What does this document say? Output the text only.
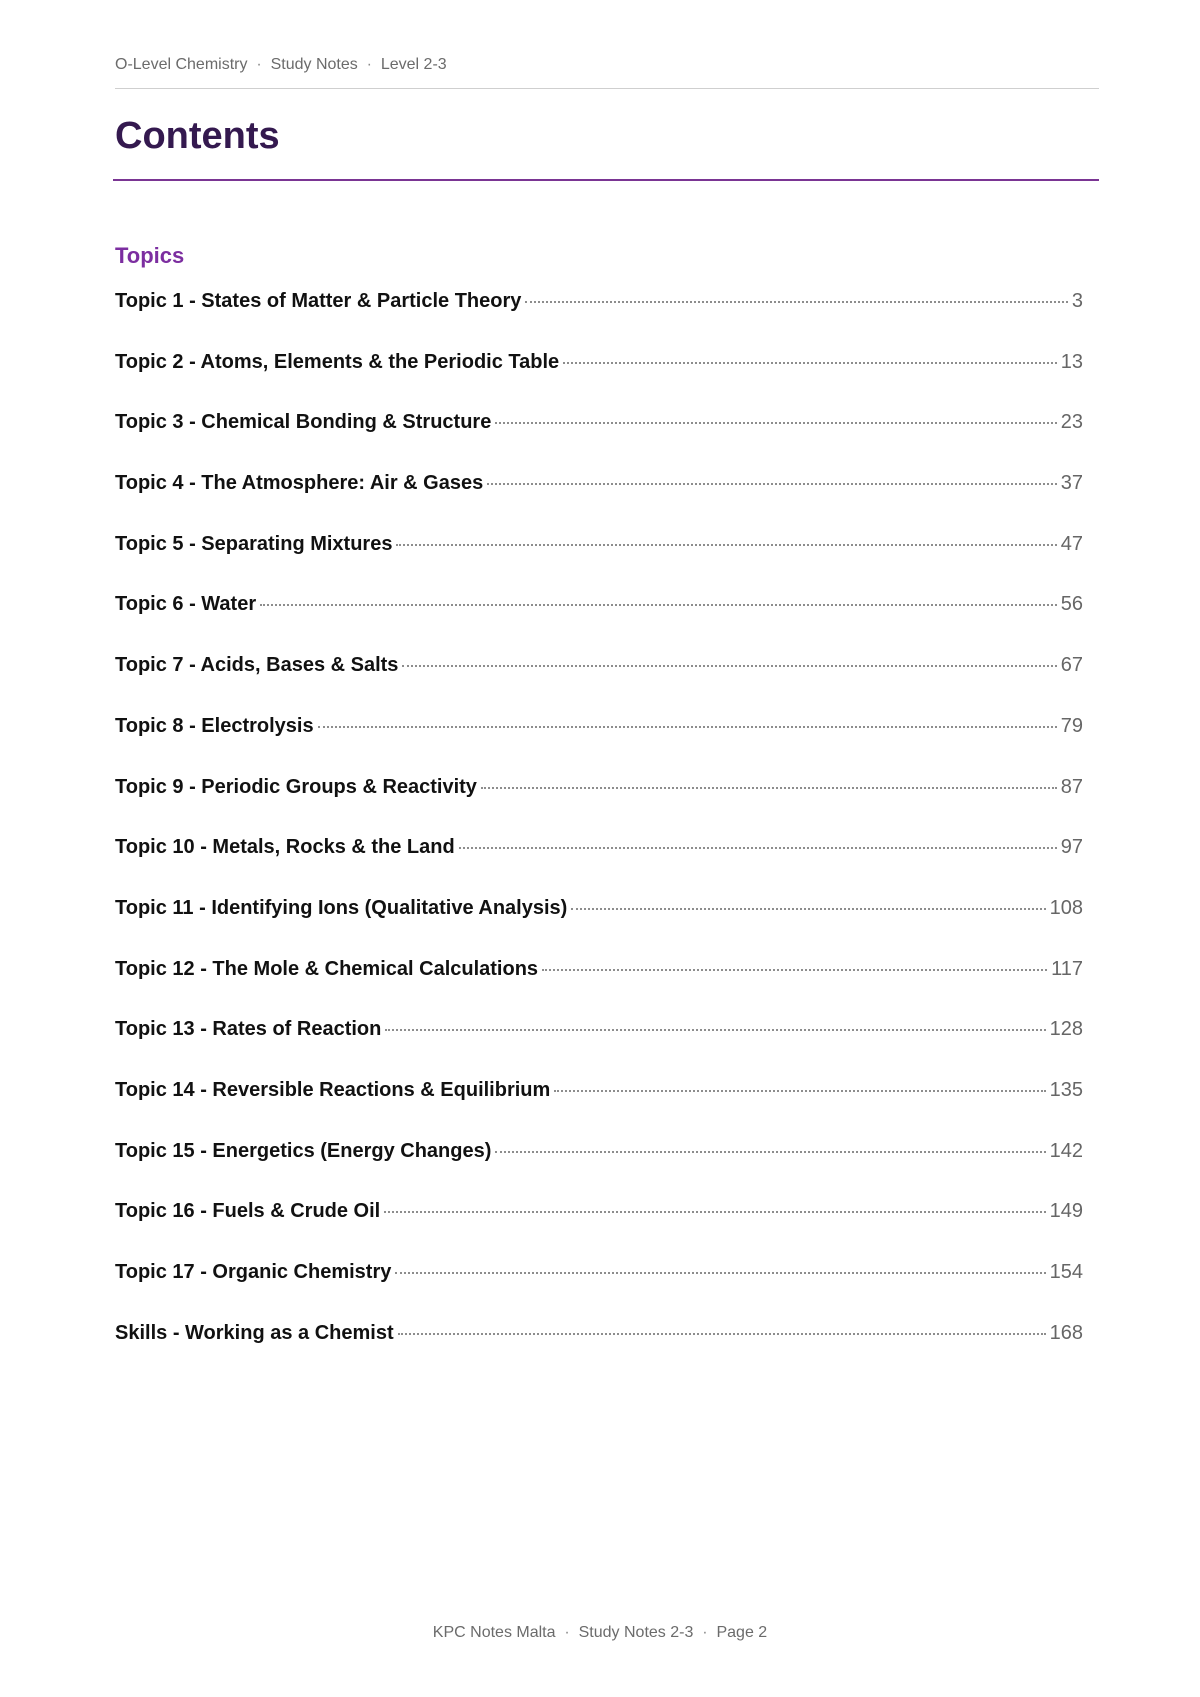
O-Level Chemistry · Study Notes · Level 2-3
Contents
Topics
Topic 1 - States of Matter & Particle Theory	3
Topic 2 - Atoms, Elements & the Periodic Table	13
Topic 3 - Chemical Bonding & Structure	23
Topic 4 - The Atmosphere: Air & Gases	37
Topic 5 - Separating Mixtures	47
Topic 6 - Water	56
Topic 7 - Acids, Bases & Salts	67
Topic 8 - Electrolysis	79
Topic 9 - Periodic Groups & Reactivity	87
Topic 10 - Metals, Rocks & the Land	97
Topic 11 - Identifying Ions (Qualitative Analysis)	108
Topic 12 - The Mole & Chemical Calculations	117
Topic 13 - Rates of Reaction	128
Topic 14 - Reversible Reactions & Equilibrium	135
Topic 15 - Energetics (Energy Changes)	142
Topic 16 - Fuels & Crude Oil	149
Topic 17 - Organic Chemistry	154
Skills - Working as a Chemist	168
KPC Notes Malta · Study Notes 2-3 · Page 2
